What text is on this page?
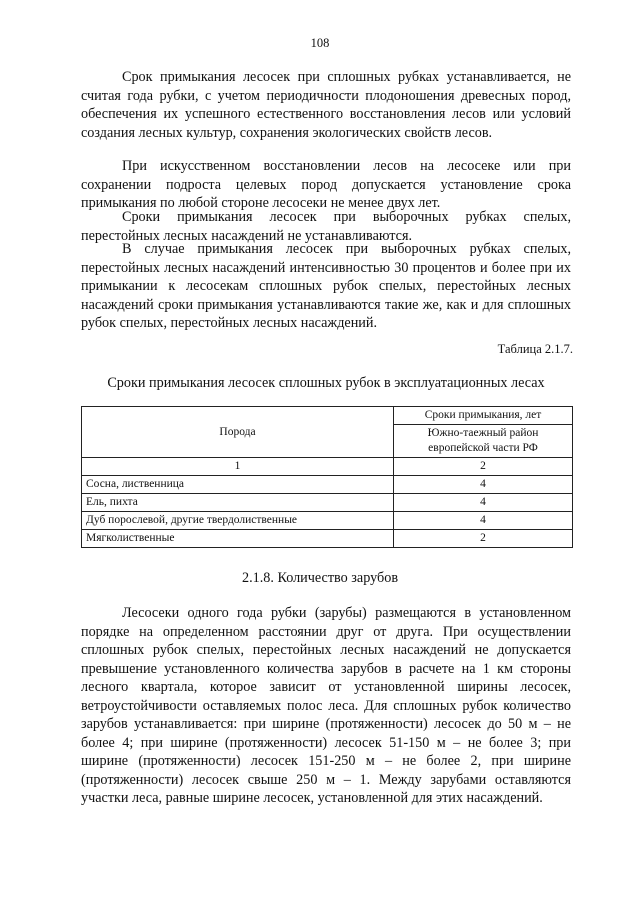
108

Срок примыкания лесосек при сплошных рубках устанавливается, не считая года рубки, с учетом периодичности плодоношения древесных пород, обеспечения их успешного естественного восстановления лесов или условий создания лесных культур, сохранения экологических свойств лесов.

При искусственном восстановлении лесов на лесосеке или при сохранении подроста целевых пород допускается установление срока примыкания по любой стороне лесосеки не менее двух лет.

Сроки примыкания лесосек при выборочных рубках спелых, перестойных лесных насаждений не устанавливаются.

В случае примыкания лесосек при выборочных рубках спелых, перестойных лесных насаждений интенсивностью 30 процентов и более при их примыкании к лесосекам сплошных рубок спелых, перестойных лесных насаждений сроки примыкания устанавливаются такие же, как и для сплошных рубок спелых, перестойных лесных насаждений.

Таблица 2.1.7.
Сроки примыкания лесосек сплошных рубок в эксплуатационных лесах
Порода	Сроки примыкания, лет
	Южно-таежный район европейской части РФ
1	2
Сосна, лиственница	4
Ель, пихта	4
Дуб порослевой, другие твердолиственные	4
Мягколиственные	2
2.1.8. Количество зарубов

Лесосеки одного года рубки (зарубы) размещаются в установленном порядке на определенном расстоянии друг от друга. При осуществлении сплошных рубок спелых, перестойных лесных насаждений не допускается превышение установленного количества зарубов в расчете на 1 км стороны лесного квартала, которое зависит от установленной ширины лесосек, ветроустойчивости оставляемых полос леса. Для сплошных рубок количество зарубов устанавливается: при ширине (протяженности) лесосек до 50 м – не более 4; при ширине (протяженности) лесосек 51-150 м – не более 3; при ширине (протяженности) лесосек 151-250 м – не более 2, при ширине (протяженности) лесосек свыше 250 м – 1. Между зарубами оставляются участки леса, равные ширине лесосек, установленной для этих насаждений.
